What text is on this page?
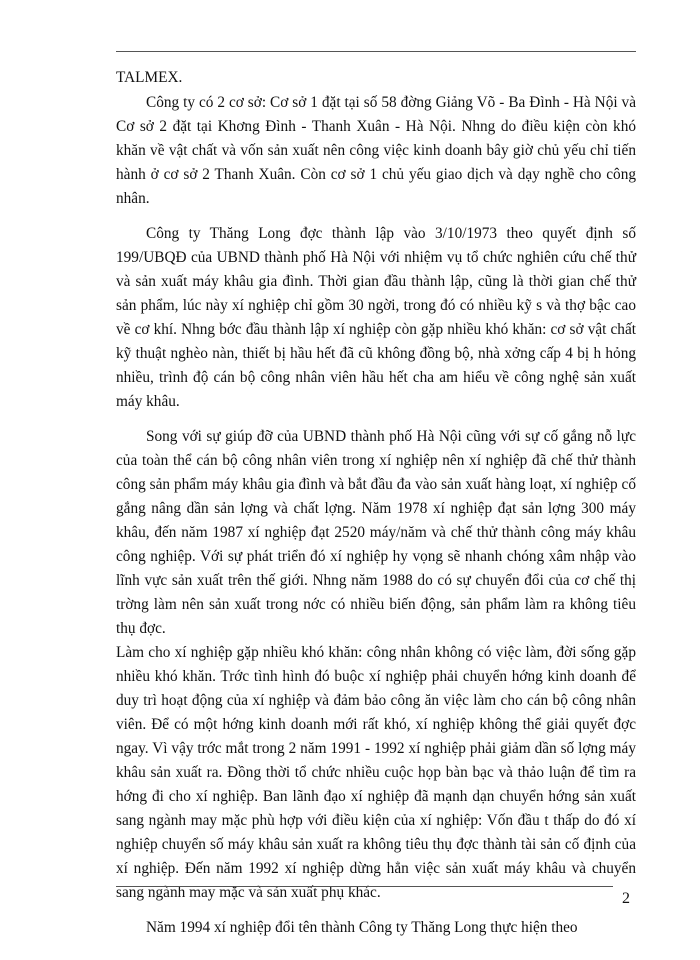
TALMEX.

Công ty có 2 cơ sở: Cơ sở 1 đặt tại số 58 đờng Giảng Võ - Ba Đình - Hà Nội và Cơ sở 2 đặt tại Khơng Đình - Thanh Xuân - Hà Nội. Nhng do điều kiện còn khó khăn về vật chất và vốn sản xuất nên công việc kinh doanh bây giờ chủ yếu chỉ tiến hành ở cơ sở 2 Thanh Xuân. Còn cơ sở 1 chủ yếu giao dịch và dạy nghề cho công nhân.

Công ty Thăng Long đợc thành lập vào 3/10/1973 theo quyết định số 199/UBQĐ của UBND thành phố Hà Nội với nhiệm vụ tổ chức nghiên cứu chế thử và sản xuất máy khâu gia đình. Thời gian đầu thành lập, cũng là thời gian chế thử sản phẩm, lúc này xí nghiệp chỉ gồm 30 ngời, trong đó có nhiều kỹ s và thợ bậc cao về cơ khí. Nhng bớc đầu thành lập xí nghiệp còn gặp nhiều khó khăn: cơ sở vật chất kỹ thuật nghèo nàn, thiết bị hầu hết đã cũ không đồng bộ, nhà xởng cấp 4 bị h hỏng nhiều, trình độ cán bộ công nhân viên hầu hết cha am hiểu về công nghệ sản xuất máy khâu.

Song với sự giúp đỡ của UBND thành phố Hà Nội cũng với sự cố gắng nỗ lực của toàn thể cán bộ công nhân viên trong xí nghiệp nên xí nghiệp đã chế thử thành công sản phẩm máy khâu gia đình và bắt đầu đa vào sản xuất hàng loạt, xí nghiệp cố gắng nâng dần sản lợng và chất lợng. Năm 1978 xí nghiệp đạt sản lợng 300 máy khâu, đến năm 1987 xí nghiệp đạt 2520 máy/năm và chế thử thành công máy khâu công nghiệp. Với sự phát triển đó xí nghiệp hy vọng sẽ nhanh chóng xâm nhập vào lĩnh vực sản xuất trên thế giới. Nhng năm 1988 do có sự chuyển đổi của cơ chế thị trờng làm nên sản xuất trong nớc có nhiều biến động, sản phẩm làm ra không tiêu thụ đợc.

Làm cho xí nghiệp gặp nhiều khó khăn: công nhân không có việc làm, đời sống gặp nhiều khó khăn. Trớc tình hình đó buộc xí nghiệp phải chuyển hớng kinh doanh để duy trì hoạt động của xí nghiệp và đảm bảo công ăn việc làm cho cán bộ công nhân viên. Để có một hớng kinh doanh mới rất khó, xí nghiệp không thể giải quyết đợc ngay. Vì vậy trớc mắt trong 2 năm 1991 - 1992 xí nghiệp phải giảm dần số lợng máy khâu sản xuất ra. Đồng thời tổ chức nhiều cuộc họp bàn bạc và thảo luận để tìm ra hớng đi cho xí nghiệp. Ban lãnh đạo xí nghiệp đã mạnh dạn chuyển hớng sản xuất sang ngành may mặc phù hợp với điều kiện của xí nghiệp: Vốn đầu t thấp do đó xí nghiệp chuyển số máy khâu sản xuất ra không tiêu thụ đợc thành tài sản cố định của xí nghiệp. Đến năm 1992 xí nghiệp dừng hẳn việc sản xuất máy khâu và chuyển sang ngành may mặc và sản xuất phụ khác.

Năm 1994 xí nghiệp đổi tên thành Công ty Thăng Long thực hiện theo

2
